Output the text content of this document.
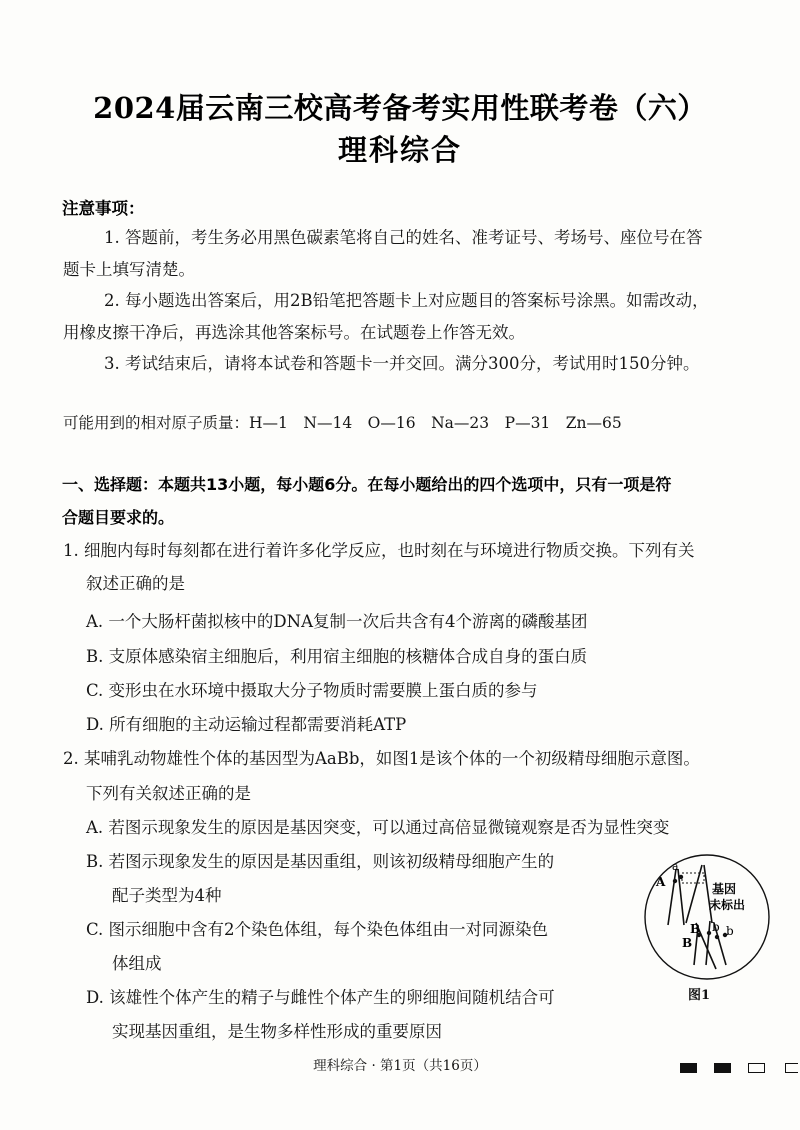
2024届云南三校高考备考实用性联考卷（六）
理科综合
注意事项：
1. 答题前，考生务必用黑色碳素笔将自己的姓名、准考证号、考场号、座位号在答
题卡上填写清楚。
2. 每小题选出答案后，用2B铅笔把答题卡上对应题目的答案标号涂黑。如需改动，
用橡皮擦干净后，再选涂其他答案标号。在试题卷上作答无效。
3. 考试结束后，请将本试卷和答题卡一并交回。满分300分，考试用时150分钟。
可能用到的相对原子质量：H—1　N—14　O—16　Na—23　P—31　Zn—65
一、选择题：本题共13小题，每小题6分。在每小题给出的四个选项中，只有一项是符
合题目要求的。
1. 细胞内每时每刻都在进行着许多化学反应，也时刻在与环境进行物质交换。下列有关
叙述正确的是
A. 一个大肠杆菌拟核中的DNA复制一次后共含有4个游离的磷酸基团
B. 支原体感染宿主细胞后，利用宿主细胞的核糖体合成自身的蛋白质
C. 变形虫在水环境中摄取大分子物质时需要膜上蛋白质的参与
D. 所有细胞的主动运输过程都需要消耗ATP
2. 某哺乳动物雄性个体的基因型为AaBb，如图1是该个体的一个初级精母细胞示意图。
下列有关叙述正确的是
A. 若图示现象发生的原因是基因突变，可以通过高倍显微镜观察是否为显性突变
B. 若图示现象发生的原因是基因重组，则该初级精母细胞产生的
配子类型为4种
C. 图示细胞中含有2个染色体组，每个染色体组由一对同源染色
体组成
D. 该雄性个体产生的精子与雌性个体产生的卵细胞间随机结合可
实现基因重组，是生物多样性形成的重要原因
A
a
基因
未标出
B
B
b b
图1
理科综合 · 第1页（共16页）
